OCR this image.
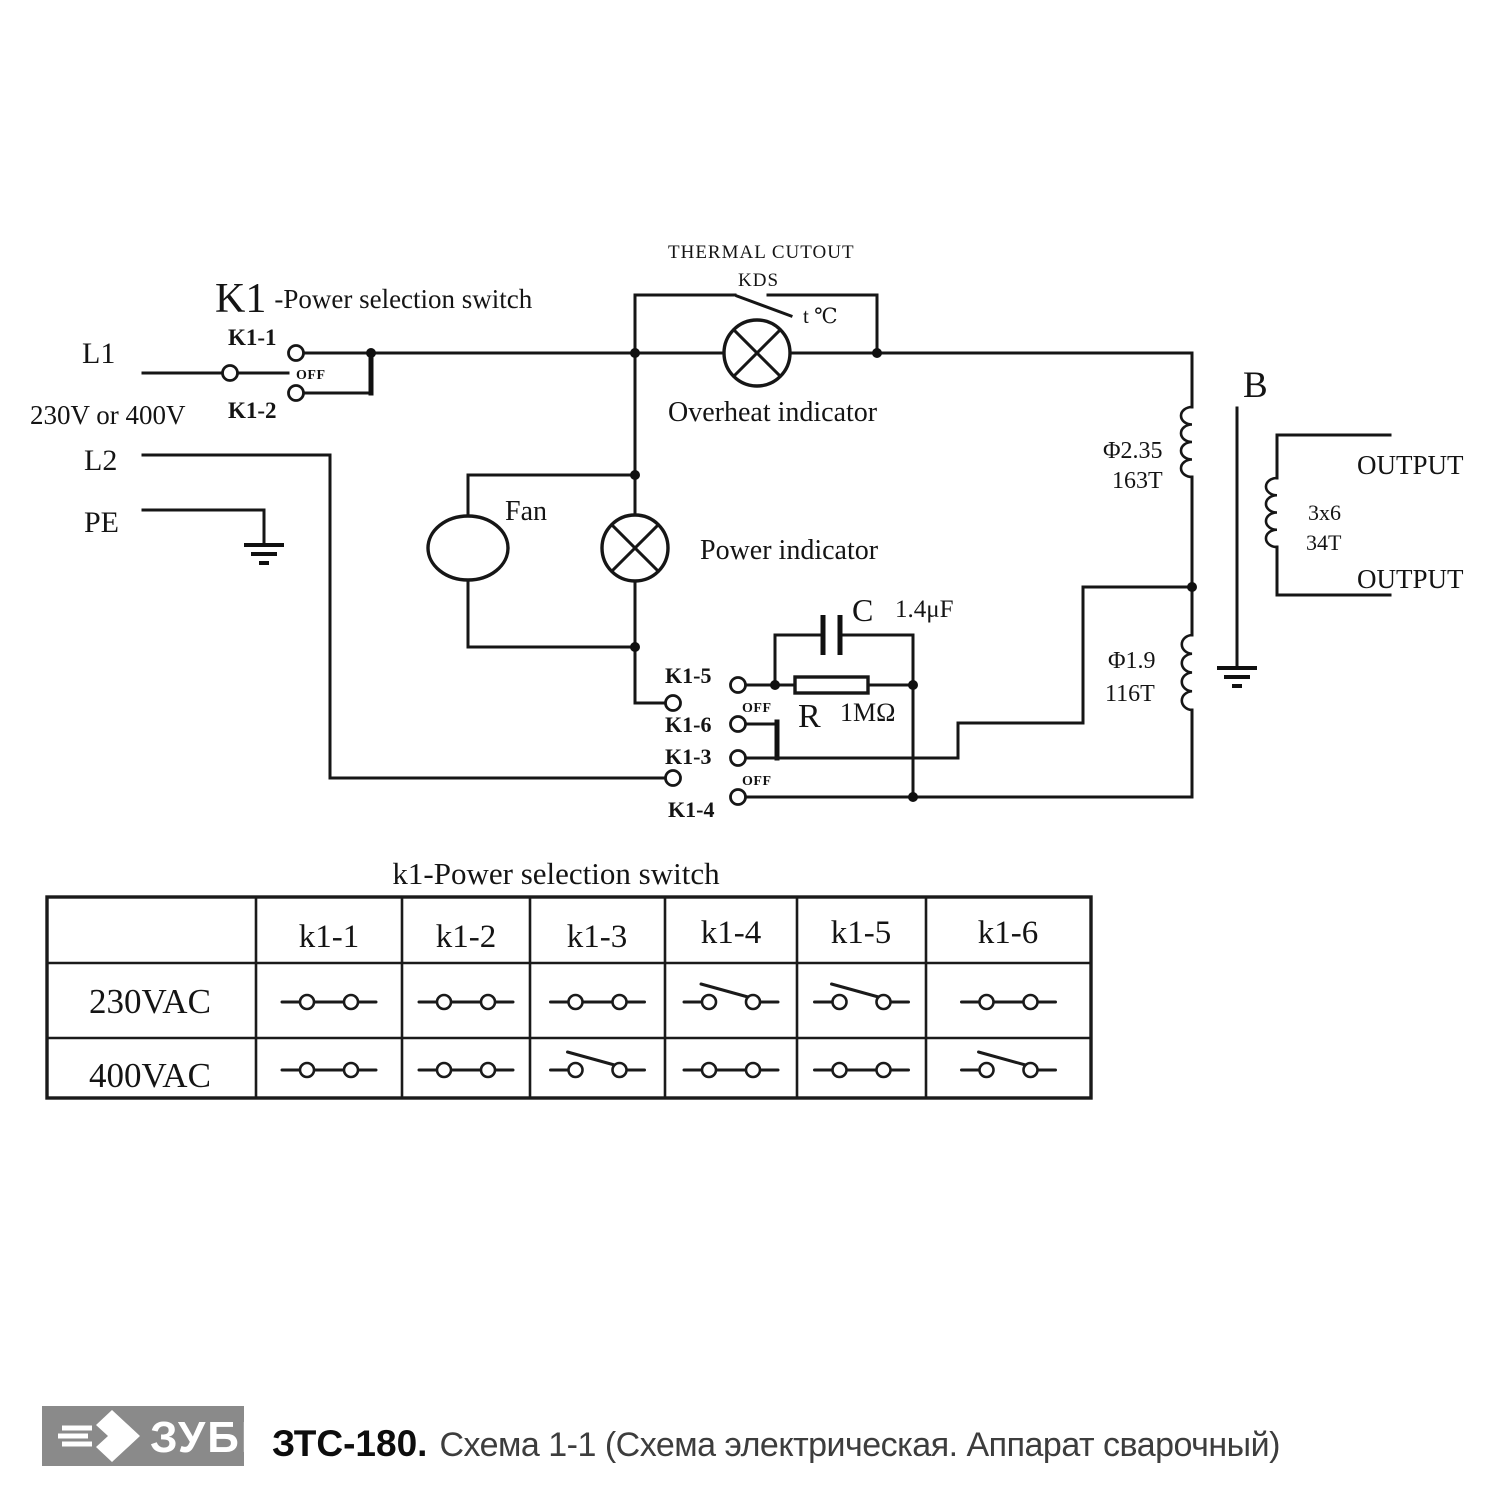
K1 -Power selection switch
L1
230V or 400V
L2
PE
K1-1
OFF
K1-2
THERMAL CUTOUT
KDS
t ℃
Overheat indicator
Fan
Power indicator
C 1.4μF
R 1MΩ
K1-5
OFF
K1-6
K1-3
OFF
K1-4
Φ2.35
163T
Φ1.9
116T
B
3x6
34T
OUTPUT
OUTPUT
k1-Power selection switch
k1-1 k1-2 k1-3 k1-4 k1-5	k1-6
230VAC
400VAC
ЗУБР ЗТС-180. Схема 1-1 (Схема электрическая. Аппарат сварочный)
